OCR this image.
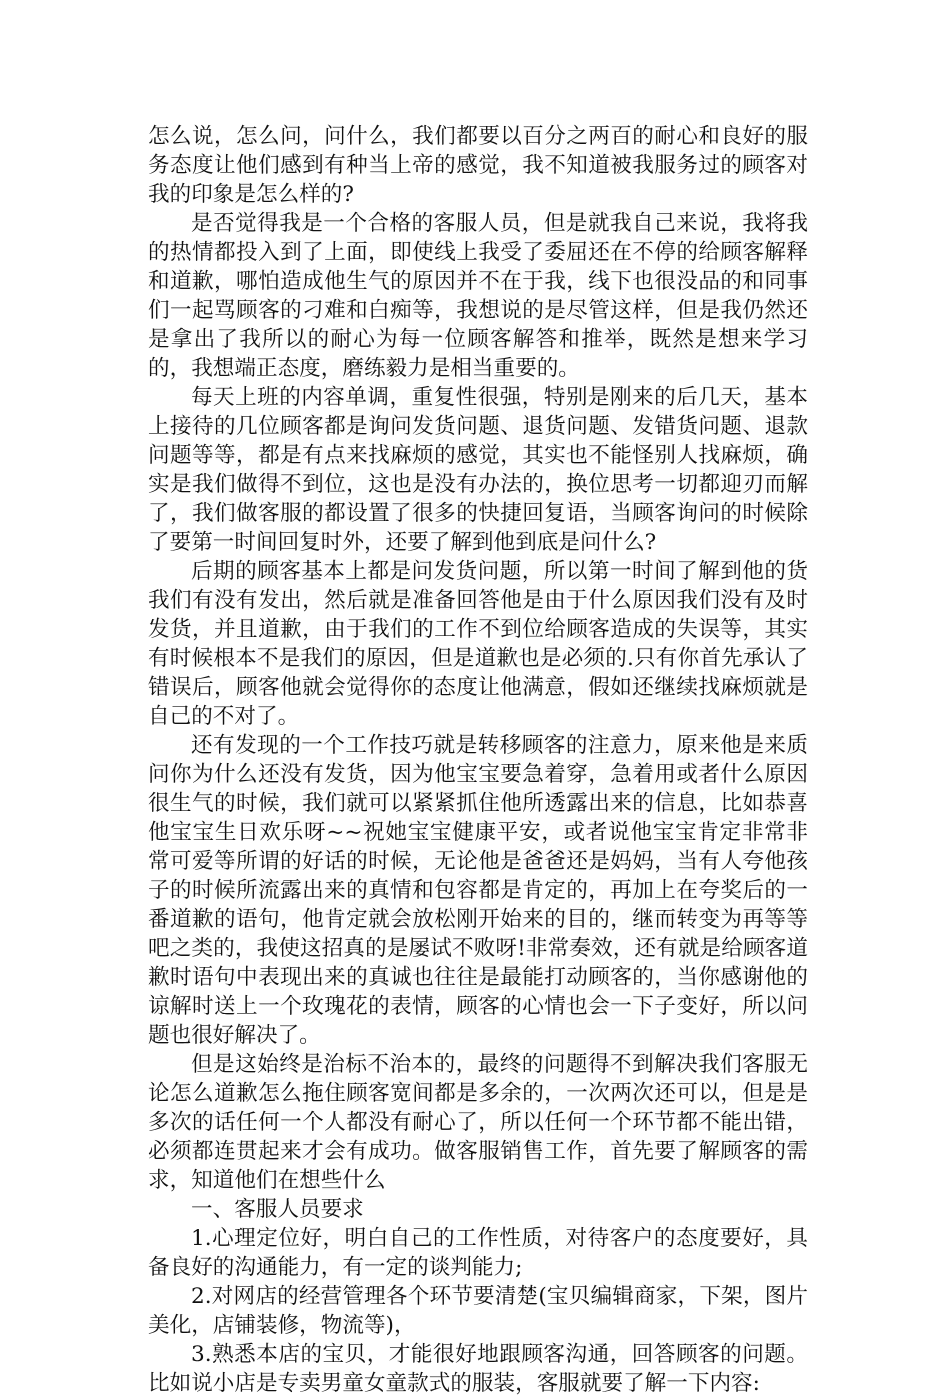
怎么说，怎么问，问什么，我们都要以百分之两百的耐心和良好的服务态度让他们感到有种当上帝的感觉，我不知道被我服务过的顾客对我的印象是怎么样的?

是否觉得我是一个合格的客服人员，但是就我自己来说，我将我的热情都投入到了上面，即使线上我受了委屈还在不停的给顾客解释和道歉，哪怕造成他生气的原因并不在于我，线下也很没品的和同事们一起骂顾客的刁难和白痴等，我想说的是尽管这样，但是我仍然还是拿出了我所以的耐心为每一位顾客解答和推举，既然是想来学习的，我想端正态度，磨练毅力是相当重要的。

每天上班的内容单调，重复性很强，特别是刚来的后几天，基本上接待的几位顾客都是询问发货问题、退货问题、发错货问题、退款问题等等，都是有点来找麻烦的感觉，其实也不能怪别人找麻烦，确实是我们做得不到位，这也是没有办法的，换位思考一切都迎刃而解了，我们做客服的都设置了很多的快捷回复语，当顾客询问的时候除了要第一时间回复时外，还要了解到他到底是问什么?

后期的顾客基本上都是问发货问题，所以第一时间了解到他的货我们有没有发出，然后就是准备回答他是由于什么原因我们没有及时发货，并且道歉，由于我们的工作不到位给顾客造成的失误等，其实有时候根本不是我们的原因，但是道歉也是必须的.只有你首先承认了错误后，顾客他就会觉得你的态度让他满意，假如还继续找麻烦就是自己的不对了。

还有发现的一个工作技巧就是转移顾客的注意力，原来他是来质问你为什么还没有发货，因为他宝宝要急着穿，急着用或者什么原因很生气的时候，我们就可以紧紧抓住他所透露出来的信息，比如恭喜他宝宝生日欢乐呀~~祝她宝宝健康平安，或者说他宝宝肯定非常非常可爱等所谓的好话的时候，无论他是爸爸还是妈妈，当有人夸他孩子的时候所流露出来的真情和包容都是肯定的，再加上在夸奖后的一番道歉的语句，他肯定就会放松刚开始来的目的，继而转变为再等等吧之类的，我使这招真的是屡试不败呀!非常奏效，还有就是给顾客道歉时语句中表现出来的真诚也往往是最能打动顾客的，当你感谢他的谅解时送上一个玫瑰花的表情，顾客的心情也会一下子变好，所以问题也很好解决了。

但是这始终是治标不治本的，最终的问题得不到解决我们客服无论怎么道歉怎么拖住顾客宽间都是多余的，一次两次还可以，但是是多次的话任何一个人都没有耐心了，所以任何一个环节都不能出错，必须都连贯起来才会有成功。做客服销售工作，首先要了解顾客的需求，知道他们在想些什么

一、客服人员要求

1.心理定位好，明白自己的工作性质，对待客户的态度要好，具备良好的沟通能力，有一定的谈判能力;

2.对网店的经营管理各个环节要清楚(宝贝编辑商家，下架，图片美化，店铺装修，物流等)，

3.熟悉本店的宝贝，才能很好地跟顾客沟通，回答顾客的问题。比如说小店是专卖男童女童款式的服装，客服就要了解一下内容:
